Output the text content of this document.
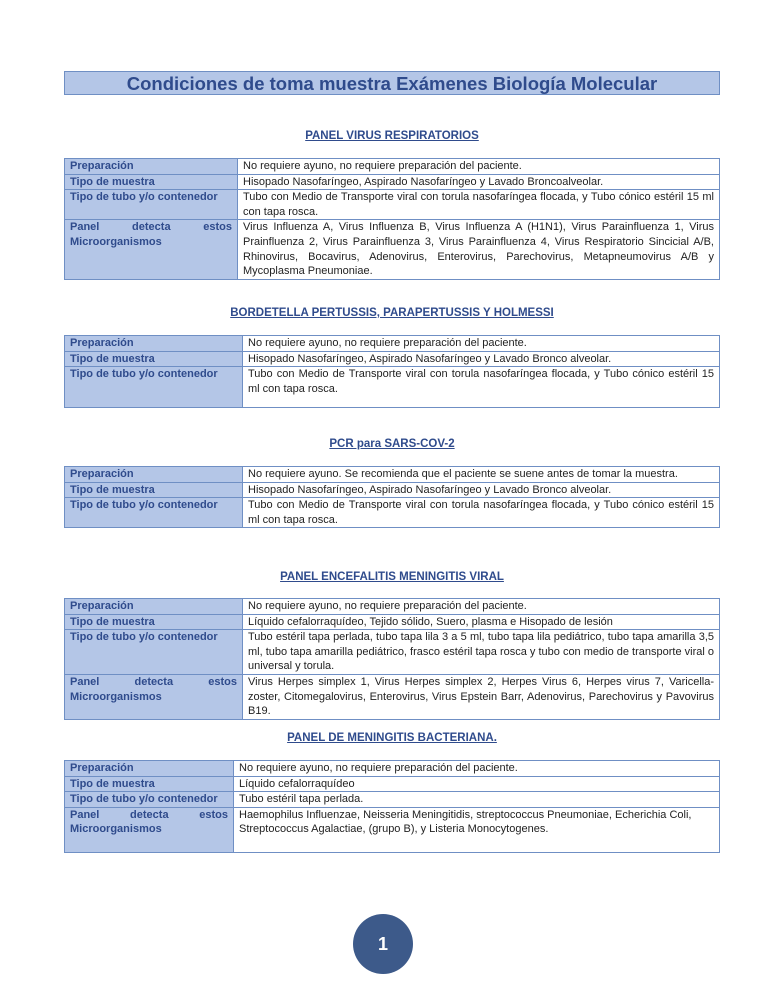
Condiciones de toma muestra Exámenes Biología Molecular
PANEL VIRUS RESPIRATORIOS
Preparación	No requiere ayuno, no requiere preparación del paciente.
Tipo de muestra	Hisopado Nasofaríngeo, Aspirado Nasofaríngeo y Lavado Broncoalveolar.
Tipo de tubo y/o contenedor	Tubo con Medio de Transporte viral con torula nasofaríngea flocada, y Tubo cónico estéril 15 ml con tapa rosca.
Panel detecta estos Microorganismos	Virus Influenza A, Virus Influenza B, Virus Influenza A (H1N1), Virus Parainfluenza 1, Virus Prainfluenza 2, Virus Parainfluenza 3, Virus Parainfluenza 4, Virus Respiratorio Sincicial A/B, Rhinovirus, Bocavirus, Adenovirus, Enterovirus, Parechovirus, Metapneumovirus A/B y Mycoplasma Pneumoniae.
BORDETELLA PERTUSSIS, PARAPERTUSSIS Y HOLMESSI
Preparación	No requiere ayuno, no requiere preparación del paciente.
Tipo de muestra	Hisopado Nasofaríngeo, Aspirado Nasofaríngeo y Lavado Bronco alveolar.
Tipo de tubo y/o contenedor	Tubo con Medio de Transporte viral con torula nasofaríngea flocada, y Tubo cónico estéril 15 ml con tapa rosca.
PCR para SARS-COV-2
Preparación	No requiere ayuno. Se recomienda que el paciente se suene antes de tomar la muestra.
Tipo de muestra	Hisopado Nasofaríngeo, Aspirado Nasofaríngeo y Lavado Bronco alveolar.
Tipo de tubo y/o contenedor	Tubo con Medio de Transporte viral con torula nasofaríngea flocada, y Tubo cónico estéril 15 ml con tapa rosca.
PANEL ENCEFALITIS MENINGITIS VIRAL
Preparación	No requiere ayuno, no requiere preparación del paciente.
Tipo de muestra	Líquido cefalorraquídeo, Tejido sólido, Suero, plasma e Hisopado de lesión
Tipo de tubo y/o contenedor	Tubo estéril tapa perlada, tubo tapa lila 3 a 5 ml, tubo tapa lila pediátrico, tubo tapa amarilla 3,5 ml, tubo tapa amarilla pediátrico, frasco estéril tapa rosca y tubo con medio de transporte viral o universal y torula.
Panel detecta estos Microorganismos	Virus Herpes simplex 1, Virus Herpes simplex 2, Herpes Virus 6, Herpes virus 7, Varicella-zoster, Citomegalovirus, Enterovirus, Virus Epstein Barr, Adenovirus, Parechovirus y Pavovirus B19.
PANEL DE MENINGITIS BACTERIANA.
Preparación	No requiere ayuno, no requiere preparación del paciente.
Tipo de muestra	Líquido cefalorraquídeo
Tipo de tubo y/o contenedor	Tubo estéril tapa perlada.
Panel detecta estos Microorganismos	Haemophilus Influenzae, Neisseria Meningitidis, streptococcus Pneumoniae, Echerichia Coli, Streptococcus Agalactiae, (grupo B), y Listeria Monocytogenes.
1
